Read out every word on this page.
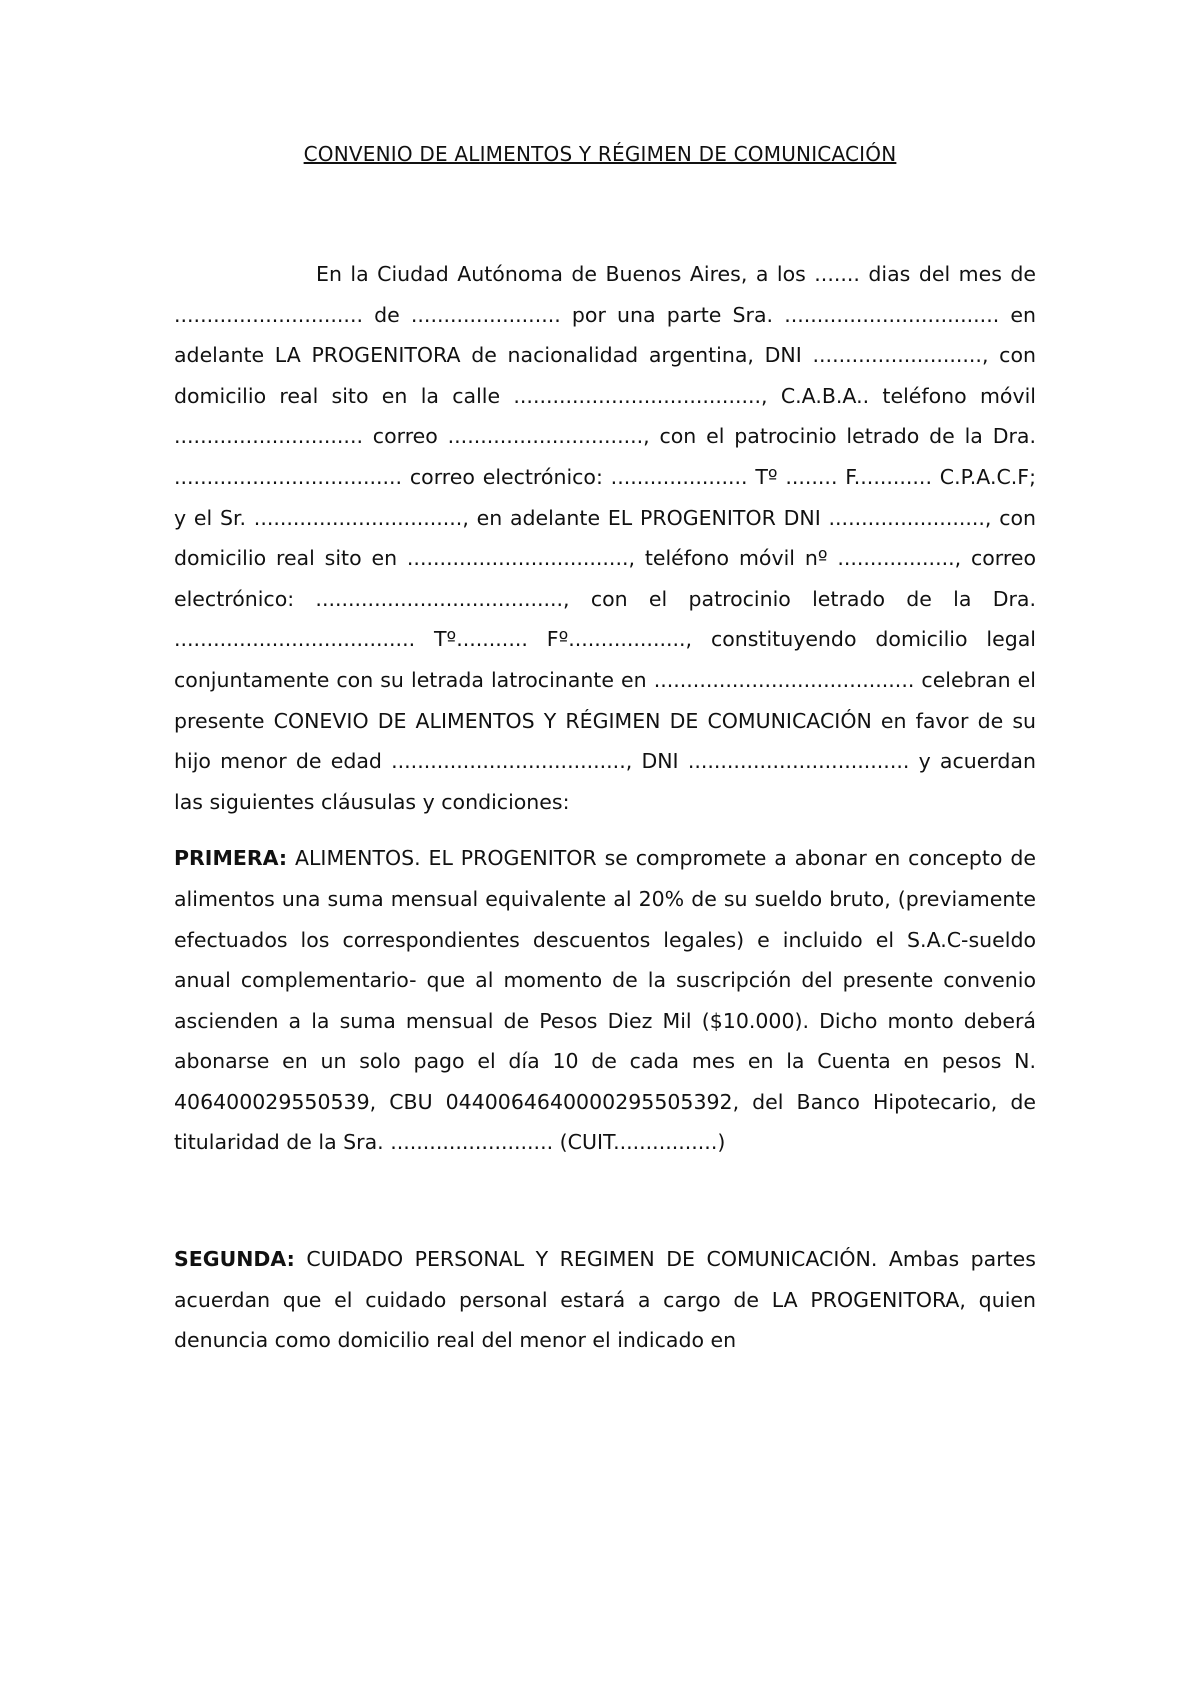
CONVENIO DE ALIMENTOS Y RÉGIMEN DE COMUNICACIÓN

En la Ciudad Autónoma de Buenos Aires, a los ....... dias del mes de ............................. de ....................... por una parte Sra. ................................. en adelante LA PROGENITORA de nacionalidad argentina, DNI .........................., con domicilio real sito en la calle ......................................, C.A.B.A.. teléfono móvil ............................. correo .............................., con el patrocinio letrado de la Dra. ................................... correo electrónico: ..................... Tº ........ F............ C.P.A.C.F; y el Sr. ................................, en adelante EL PROGENITOR DNI ........................, con domicilio real sito en .................................., teléfono móvil nº .................., correo electrónico: ......................................, con el patrocinio letrado de la Dra. ..................................... Tº........... Fº.................., constituyendo domicilio legal conjuntamente con su letrada latrocinante en ........................................ celebran el presente CONEVIO DE ALIMENTOS Y RÉGIMEN DE COMUNICACIÓN en favor de su hijo menor de edad ...................................., DNI .................................. y acuerdan las siguientes cláusulas y condiciones:

PRIMERA: ALIMENTOS. EL PROGENITOR se compromete a abonar en concepto de alimentos una suma mensual equivalente al 20% de su sueldo bruto, (previamente efectuados los correspondientes descuentos legales) e incluido el S.A.C-sueldo anual complementario- que al momento de la suscripción del presente convenio ascienden a la suma mensual de Pesos Diez Mil ($10.000). Dicho monto deberá abonarse en un solo pago el día 10 de cada mes en la Cuenta en pesos N. 406400029550539, CBU 0440064640000295505392, del Banco Hipotecario, de titularidad de la Sra. ......................... (CUIT................)

SEGUNDA: CUIDADO PERSONAL Y REGIMEN DE COMUNICACIÓN. Ambas partes acuerdan que el cuidado personal estará a cargo de LA PROGENITORA, quien denuncia como domicilio real del menor el indicado en
